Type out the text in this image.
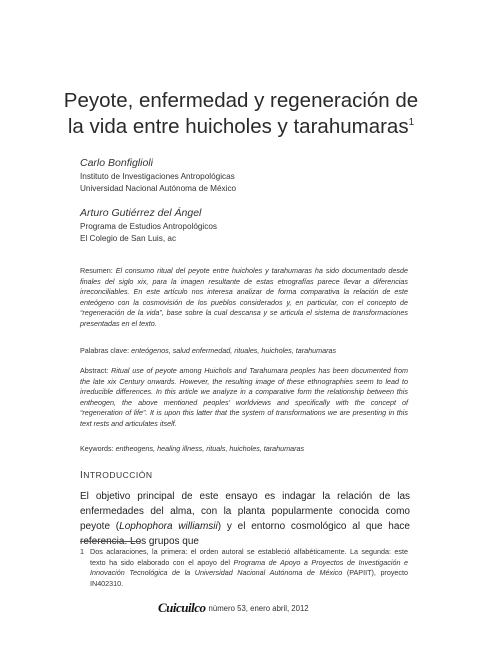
Peyote, enfermedad y regeneración de la vida entre huicholes y tarahumaras$^1$
Carlo Bonfiglioli
Instituto de Investigaciones Antropológicas
Universidad Nacional Autónoma de México
Arturo Gutiérrez del Ángel
Programa de Estudios Antropológicos
El Colegio de San Luis, ac

Resumen: El consumo ritual del peyote entre huicholes y tarahumaras ha sido documentado desde finales del siglo xix, para la imagen resultante de estas etnografías parece llevar a diferencias irreconciliables. En este artículo nos interesa analizar de forma comparativa la relación de este enteógeno con la cosmovisión de los pueblos considerados y, en particular, con el concepto de “regeneración de la vida”, base sobre la cual descansa y se articula el sistema de transformaciones presentadas en el texto.

Palabras clave: enteógenos, salud enfermedad, rituales, huicholes, tarahumaras

Abstract: Ritual use of peyote among Huichols and Tarahumara peoples has been documented from the late xix Century onwards. However, the resulting image of these ethnographies seem to lead to irreducible differences. In this article we analyze in a comparative form the relationship between this entheogen, the above mentioned peoples’ worldviews and specifically with the concept of “regeneration of life”. It is upon this latter that the system of transformations we are presenting in this text rests and articulates itself.

Keywords: entheogens, healing illness, rituals, huicholes, tarahumaras

INTRODUCCIÓN

El objetivo principal de este ensayo es indagar la relación de las enfermedades del alma, con la planta popularmente conocida como peyote (Lophophora williamsii) y el entorno cosmológico al que hace referencia. Los grupos que

1 Dos aclaraciones, la primera: el orden autoral se estableció alfabéticamente. La segunda: este texto ha sido elaborado con el apoyo del Programa de Apoyo a Proyectos de Investigación e Innovación Tecnológica de la Universidad Nacional Autónoma de México (PAPIIT), proyecto IN402310.
Cuicuilco número 53, enero abril, 2012
